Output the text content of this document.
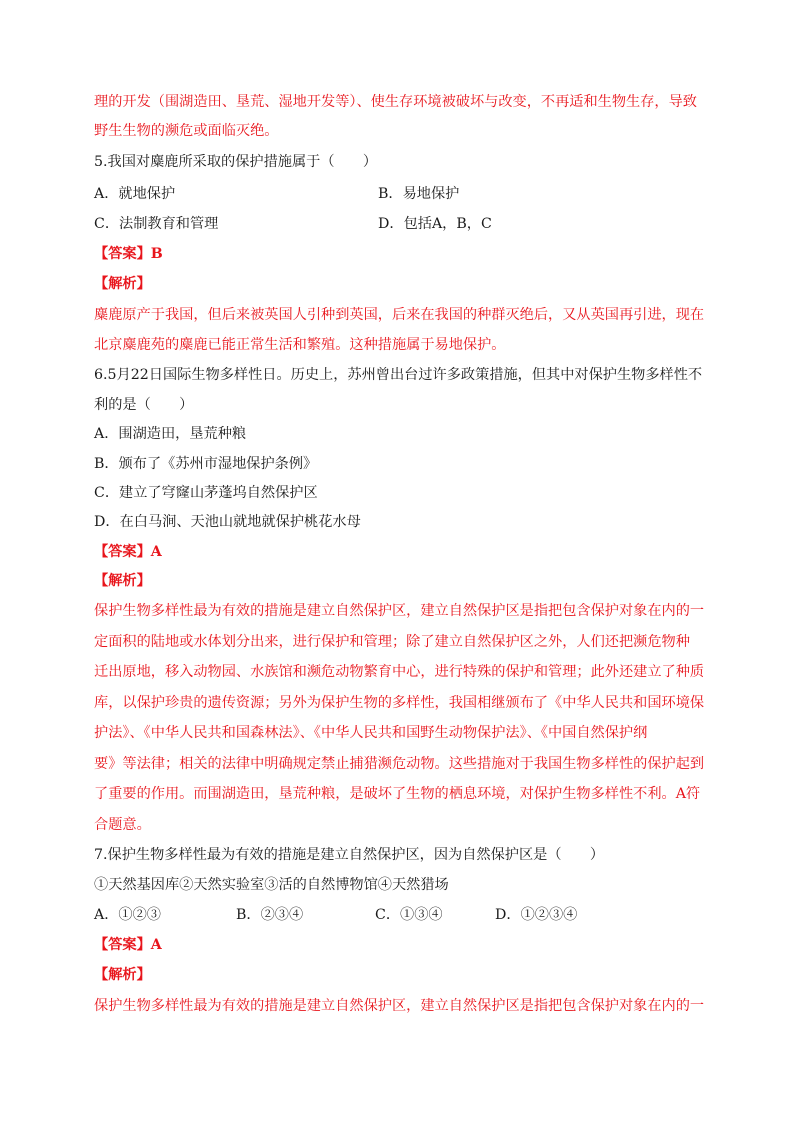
理的开发（围湖造田、垦荒、湿地开发等）、使生存环境被破坏与改变，不再适和生物生存，导致
野生生物的濒危或面临灭绝。
5.我国对麋鹿所采取的保护措施属于（　　）
A．就地保护	B．易地保护
C．法制教育和管理	D．包括A，B，C
【答案】B
【解析】
麋鹿原产于我国，但后来被英国人引种到英国，后来在我国的种群灭绝后，又从英国再引进，现在
北京麋鹿苑的麋鹿已能正常生活和繁殖。这种措施属于易地保护。
6.5月22日国际生物多样性日。历史上，苏州曾出台过许多政策措施，但其中对保护生物多样性不
利的是（　　）
A．围湖造田，垦荒种粮
B．颁布了《苏州市湿地保护条例》
C．建立了穹窿山茅蓬坞自然保护区
D．在白马涧、天池山就地就保护桃花水母
【答案】A
【解析】
保护生物多样性最为有效的措施是建立自然保护区，建立自然保护区是指把包含保护对象在内的一
定面积的陆地或水体划分出来，进行保护和管理；除了建立自然保护区之外，人们还把濒危物种
迁出原地，移入动物园、水族馆和濒危动物繁育中心，进行特殊的保护和管理；此外还建立了种质
库，以保护珍贵的遗传资源；另外为保护生物的多样性，我国相继颁布了《中华人民共和国环境保
护法》、《中华人民共和国森林法》、《中华人民共和国野生动物保护法》、《中国自然保护纲
要》等法律；相关的法律中明确规定禁止捕猎濒危动物。这些措施对于我国生物多样性的保护起到
了重要的作用。而围湖造田，垦荒种粮，是破坏了生物的栖息环境，对保护生物多样性不利。A符
合题意。
7.保护生物多样性最为有效的措施是建立自然保护区，因为自然保护区是（　　）
①天然基因库②天然实验室③活的自然博物馆④天然猎场
A．①②③	B．②③④	C．①③④	D．①②③④
【答案】A
【解析】
保护生物多样性最为有效的措施是建立自然保护区，建立自然保护区是指把包含保护对象在内的一
